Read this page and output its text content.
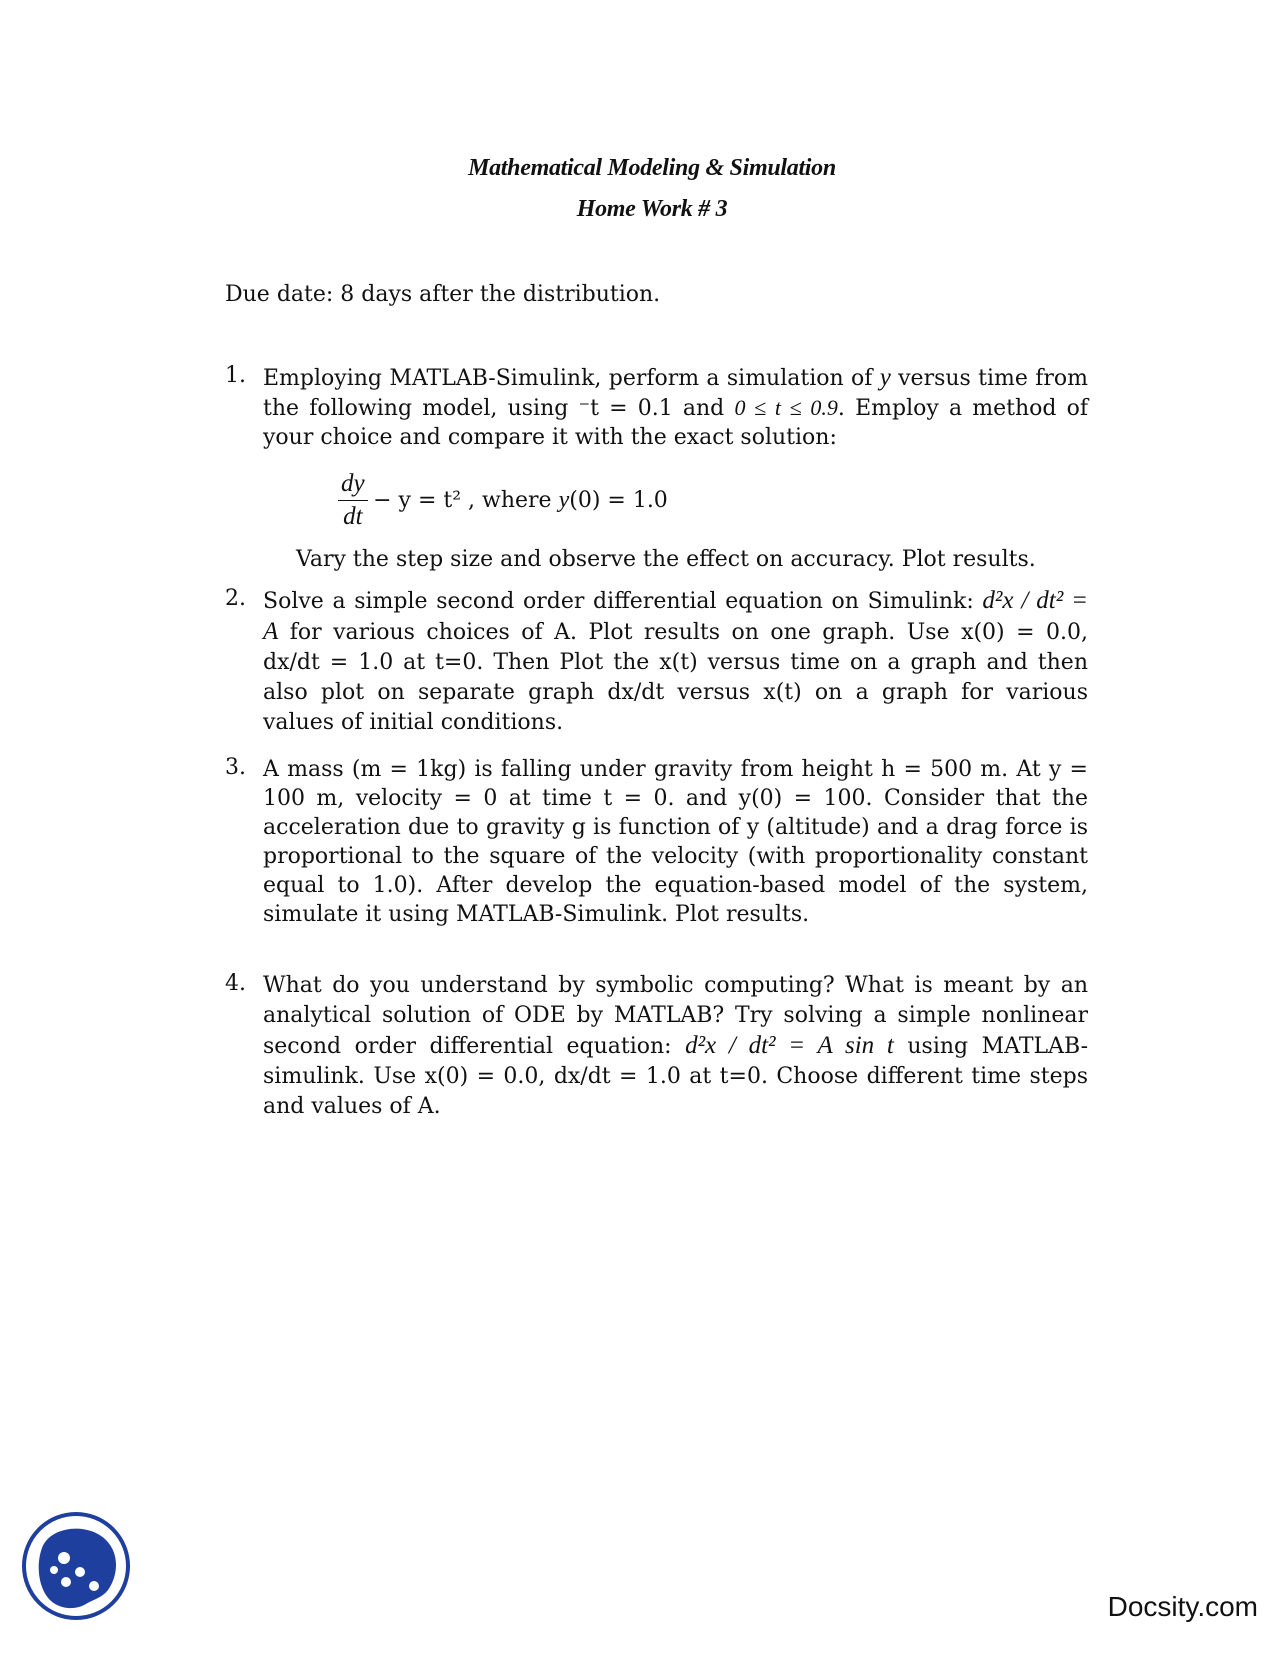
Mathematical Modeling & Simulation
Home Work # 3
Due date: 8 days after the distribution.
1. Employing MATLAB-Simulink, perform a simulation of y versus time from the following model, using ⁻t = 0.1 and 0 ≤ t ≤ 0.9. Employ a method of your choice and compare it with the exact solution:
$\frac{dy}{dt} - y = t^2$ , where y(0) = 1.0
Vary the step size and observe the effect on accuracy. Plot results.
2. Solve a simple second order differential equation on Simulink: d²x / dt² = A for various choices of A. Plot results on one graph. Use x(0) = 0.0, dx/dt = 1.0 at t=0. Then Plot the x(t) versus time on a graph and then also plot on separate graph dx/dt versus x(t) on a graph for various values of initial conditions.
3. A mass (m = 1kg) is falling under gravity from height h = 500 m. At y = 100 m, velocity = 0 at time t = 0. and y(0) = 100. Consider that the acceleration due to gravity g is function of y (altitude) and a drag force is proportional to the square of the velocity (with proportionality constant equal to 1.0). After develop the equation-based model of the system, simulate it using MATLAB-Simulink. Plot results.
4. What do you understand by symbolic computing? What is meant by an analytical solution of ODE by MATLAB? Try solving a simple nonlinear second order differential equation: d²x / dt² = A sin t using MATLAB-simulink. Use x(0) = 0.0, dx/dt = 1.0 at t=0. Choose different time steps and values of A.
Docsity.com
